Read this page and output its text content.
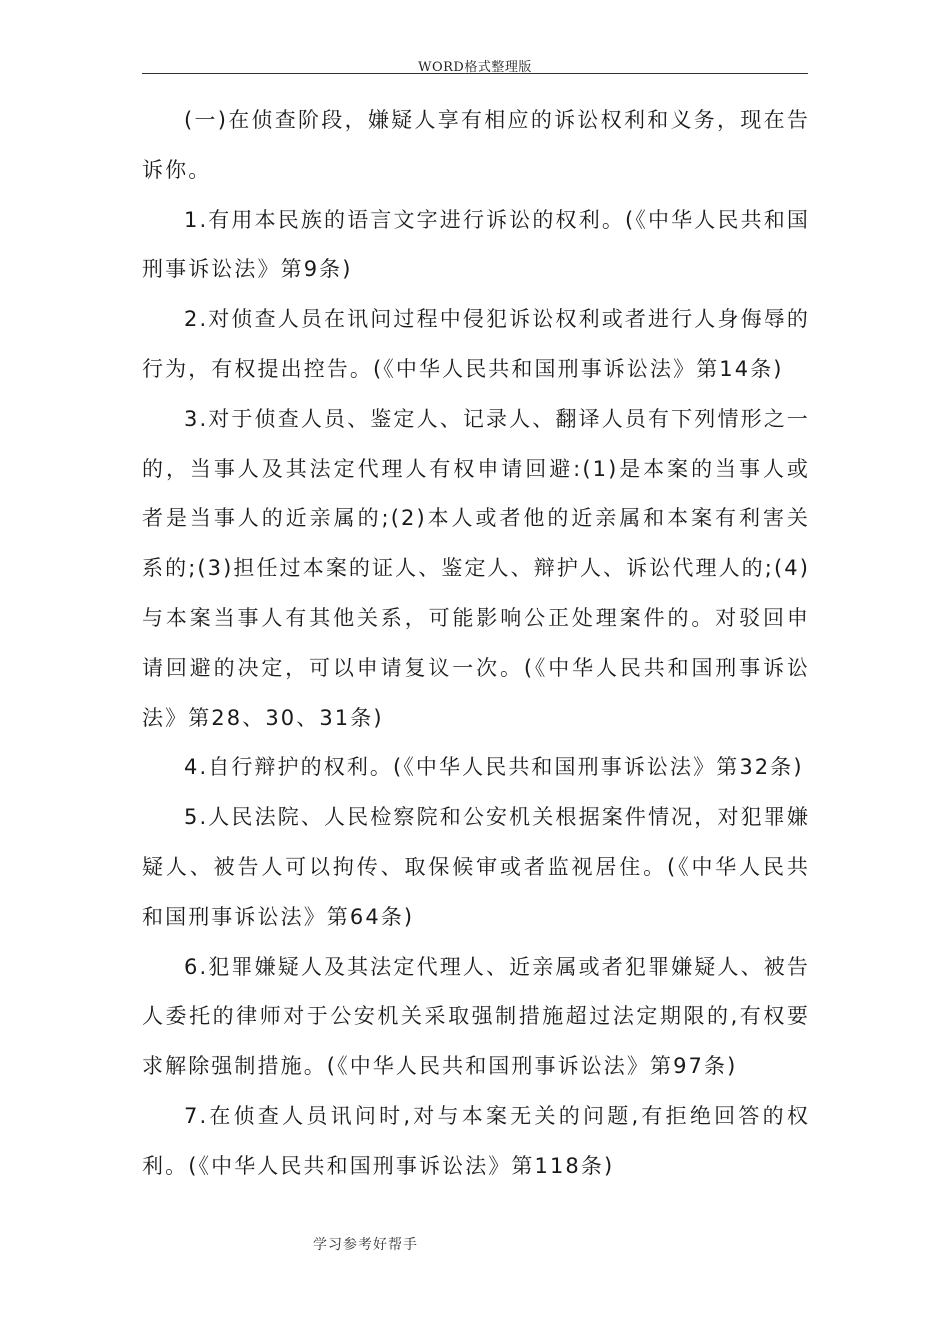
WORD格式整理版

(一)在侦查阶段，嫌疑人享有相应的诉讼权利和义务，现在告诉你。

1.有用本民族的语言文字进行诉讼的权利。(《中华人民共和国刑事诉讼法》第9条)

2.对侦查人员在讯问过程中侵犯诉讼权利或者进行人身侮辱的行为，有权提出控告。(《中华人民共和国刑事诉讼法》第14条)

3.对于侦查人员、鉴定人、记录人、翻译人员有下列情形之一的，当事人及其法定代理人有权申请回避:(1)是本案的当事人或者是当事人的近亲属的;(2)本人或者他的近亲属和本案有利害关系的;(3)担任过本案的证人、鉴定人、辩护人、诉讼代理人的;(4)与本案当事人有其他关系，可能影响公正处理案件的。对驳回申请回避的决定，可以申请复议一次。(《中华人民共和国刑事诉讼法》第28、30、31条)

4.自行辩护的权利。(《中华人民共和国刑事诉讼法》第32条)

5.人民法院、人民检察院和公安机关根据案件情况，对犯罪嫌疑人、被告人可以拘传、取保候审或者监视居住。(《中华人民共和国刑事诉讼法》第64条)

6.犯罪嫌疑人及其法定代理人、近亲属或者犯罪嫌疑人、被告人委托的律师对于公安机关采取强制措施超过法定期限的,有权要求解除强制措施。(《中华人民共和国刑事诉讼法》第97条)

7.在侦查人员讯问时,对与本案无关的问题,有拒绝回答的权利。(《中华人民共和国刑事诉讼法》第118条)

学习参考好帮手
